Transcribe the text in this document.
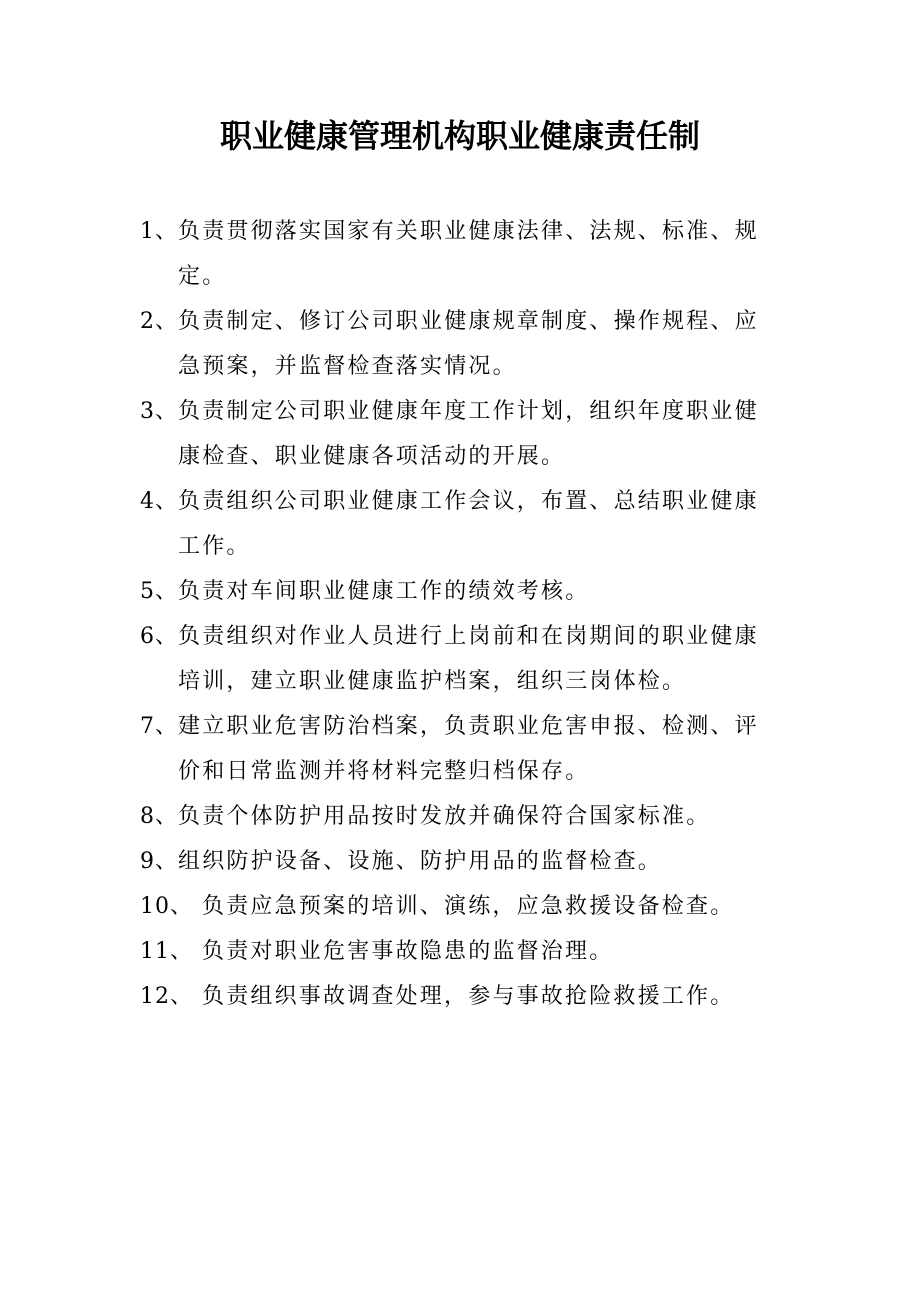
职业健康管理机构职业健康责任制
1、 负责贯彻落实国家有关职业健康法律、法规、标准、规定。
2、 负责制定、修订公司职业健康规章制度、操作规程、应急预案，并监督检查落实情况。
3、 负责制定公司职业健康年度工作计划，组织年度职业健康检查、职业健康各项活动的开展。
4、 负责组织公司职业健康工作会议，布置、总结职业健康工作。
5、 负责对车间职业健康工作的绩效考核。
6、 负责组织对作业人员进行上岗前和在岗期间的职业健康培训，建立职业健康监护档案，组织三岗体检。
7、 建立职业危害防治档案，负责职业危害申报、检测、评价和日常监测并将材料完整归档保存。
8、 负责个体防护用品按时发放并确保符合国家标准。
9、 组织防护设备、设施、防护用品的监督检查。
10、 负责应急预案的培训、演练，应急救援设备检查。
11、 负责对职业危害事故隐患的监督治理。
12、 负责组织事故调查处理，参与事故抢险救援工作。
